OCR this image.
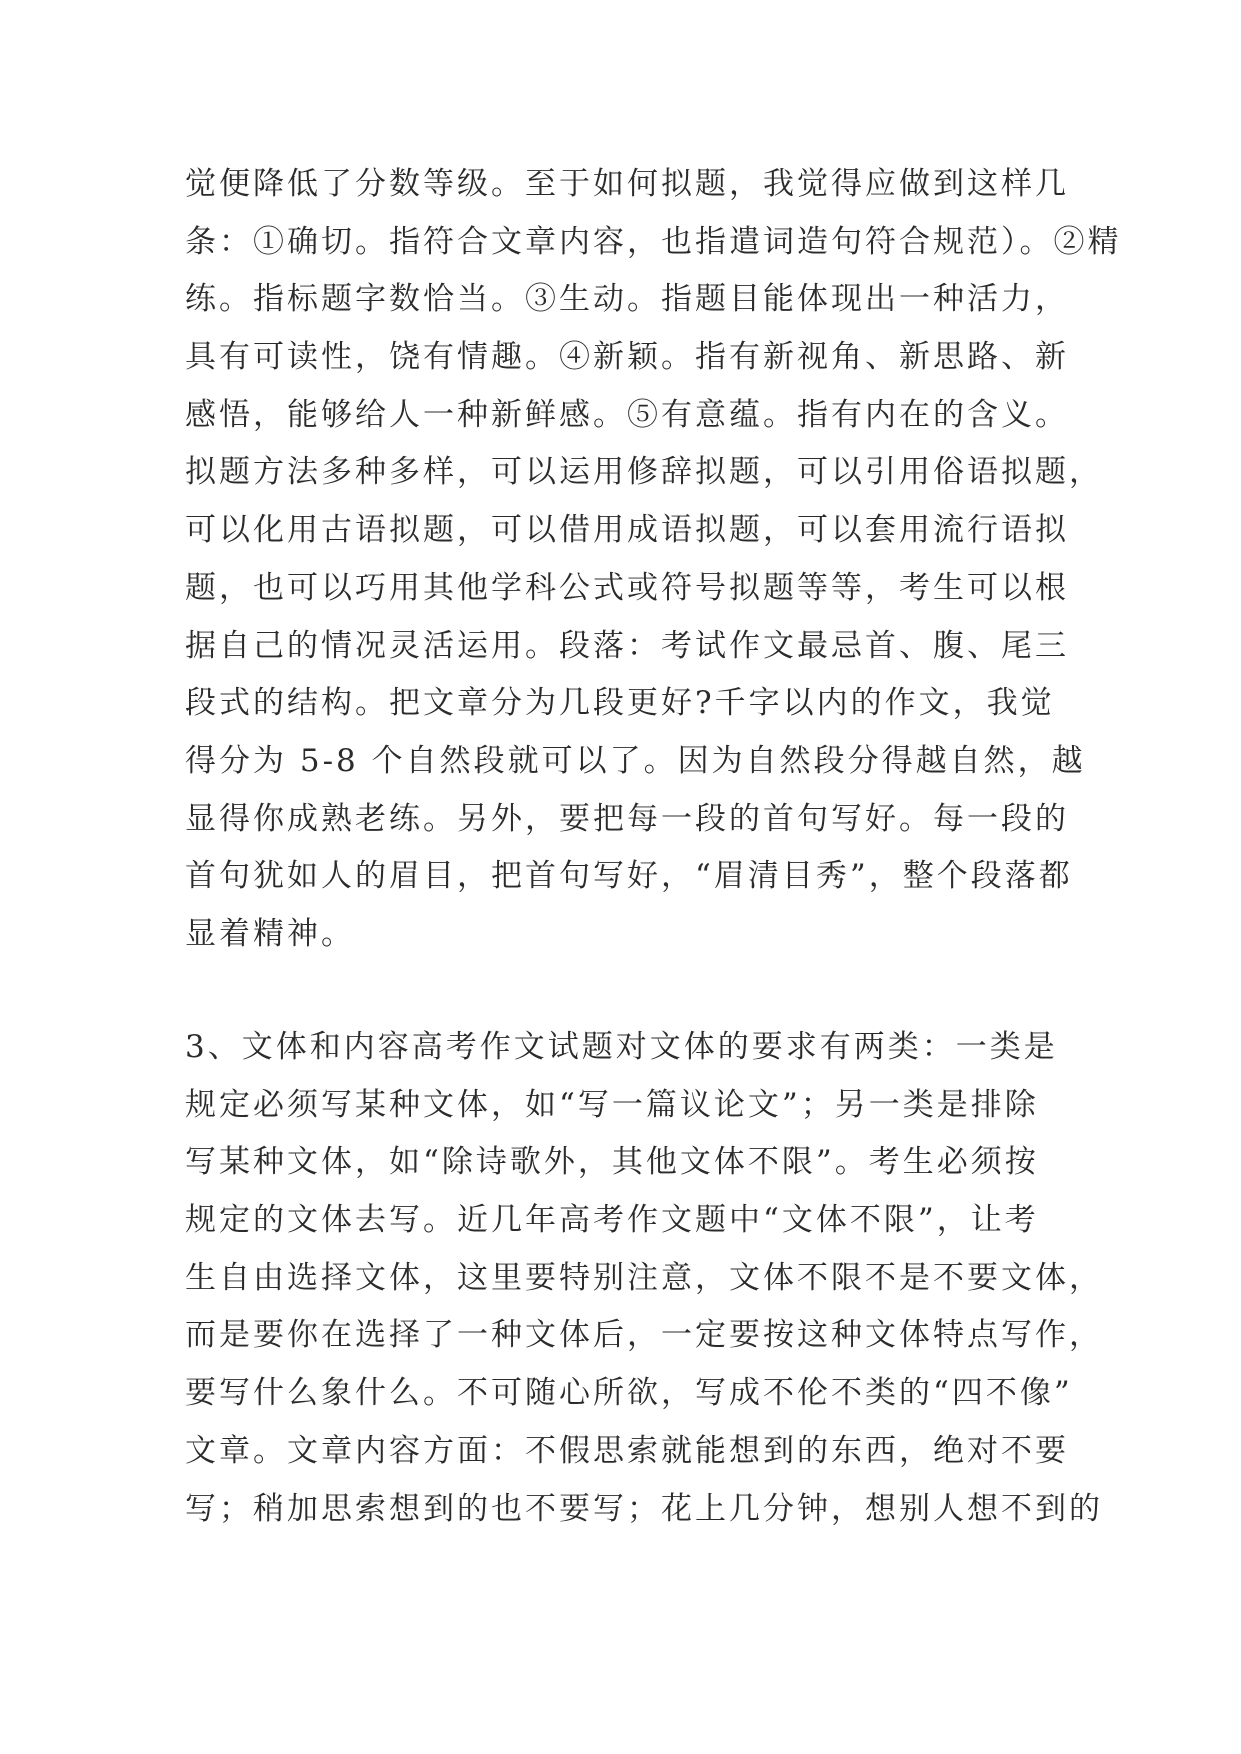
觉便降低了分数等级。至于如何拟题，我觉得应做到这样几
条：①确切。指符合文章内容，也指遣词造句符合规范）。②精
练。指标题字数恰当。③生动。指题目能体现出一种活力，
具有可读性，饶有情趣。④新颖。指有新视角、新思路、新
感悟，能够给人一种新鲜感。⑤有意蕴。指有内在的含义。
拟题方法多种多样，可以运用修辞拟题，可以引用俗语拟题，
可以化用古语拟题，可以借用成语拟题，可以套用流行语拟
题，也可以巧用其他学科公式或符号拟题等等，考生可以根
据自己的情况灵活运用。段落：考试作文最忌首、腹、尾三
段式的结构。把文章分为几段更好?千字以内的作文，我觉
得分为 5-8 个自然段就可以了。因为自然段分得越自然，越
显得你成熟老练。另外，要把每一段的首句写好。每一段的
首句犹如人的眉目，把首句写好，“眉清目秀”，整个段落都
显着精神。
3、文体和内容高考作文试题对文体的要求有两类：一类是
规定必须写某种文体，如“写一篇议论文”；另一类是排除
写某种文体，如“除诗歌外，其他文体不限”。考生必须按
规定的文体去写。近几年高考作文题中“文体不限”，让考
生自由选择文体，这里要特别注意，文体不限不是不要文体，
而是要你在选择了一种文体后，一定要按这种文体特点写作，
要写什么象什么。不可随心所欲，写成不伦不类的“四不像”
文章。文章内容方面：不假思索就能想到的东西，绝对不要
写；稍加思索想到的也不要写；花上几分钟，想别人想不到的
